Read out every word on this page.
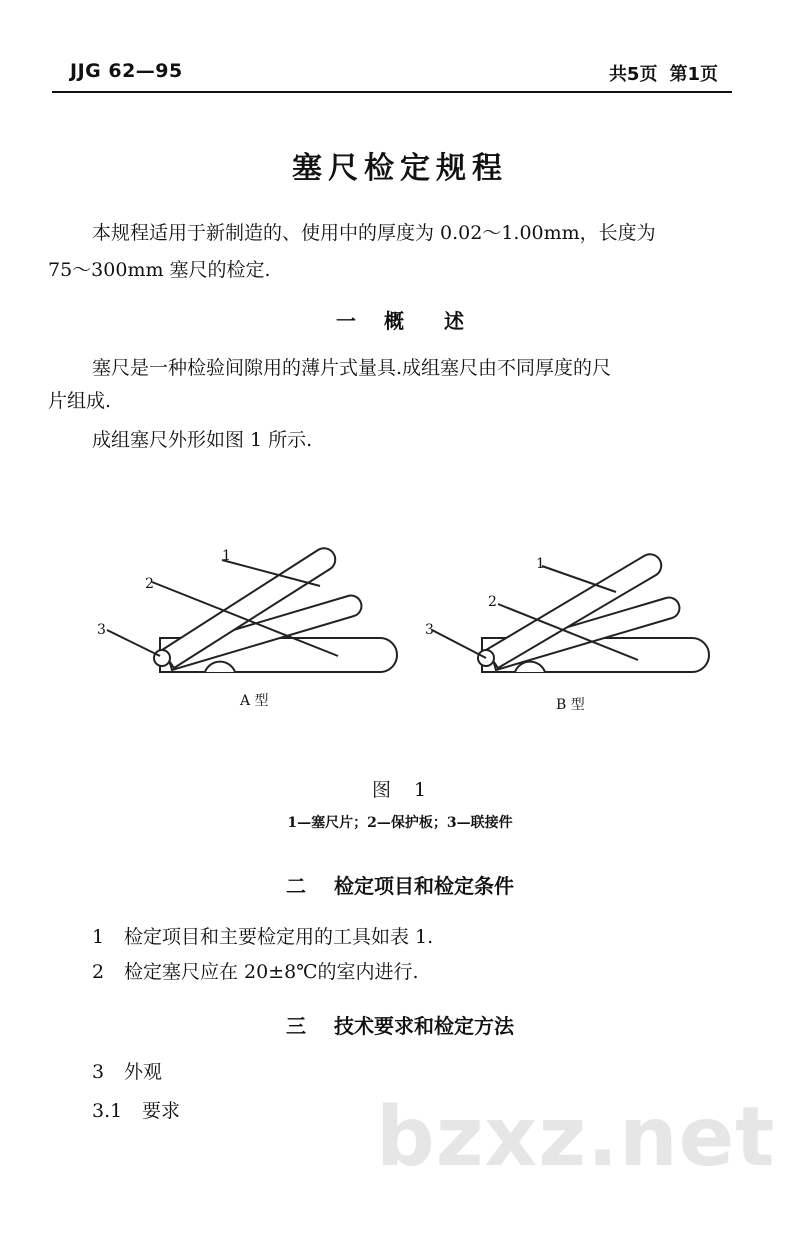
JJG 62—95	共5页 第1页
塞尺检定规程
本规程适用于新制造的、使用中的厚度为 0.02～1.00mm，长度为
75～300mm 塞尺的检定.
一 概　　述
塞尺是一种检验间隙用的薄片式量具.成组塞尺由不同厚度的尺
片组成.
成组塞尺外形如图 1 所示.
1
2
3
1
2
3
A 型	B 型
图　1
1—塞尺片；2—保护板；3—联接件
二 检定项目和检定条件
1 检定项目和主要检定用的工具如表 1.
2 检定塞尺应在 20±8℃的室内进行.
三 技术要求和检定方法
3 外观
3.1 要求 bzxz.net
